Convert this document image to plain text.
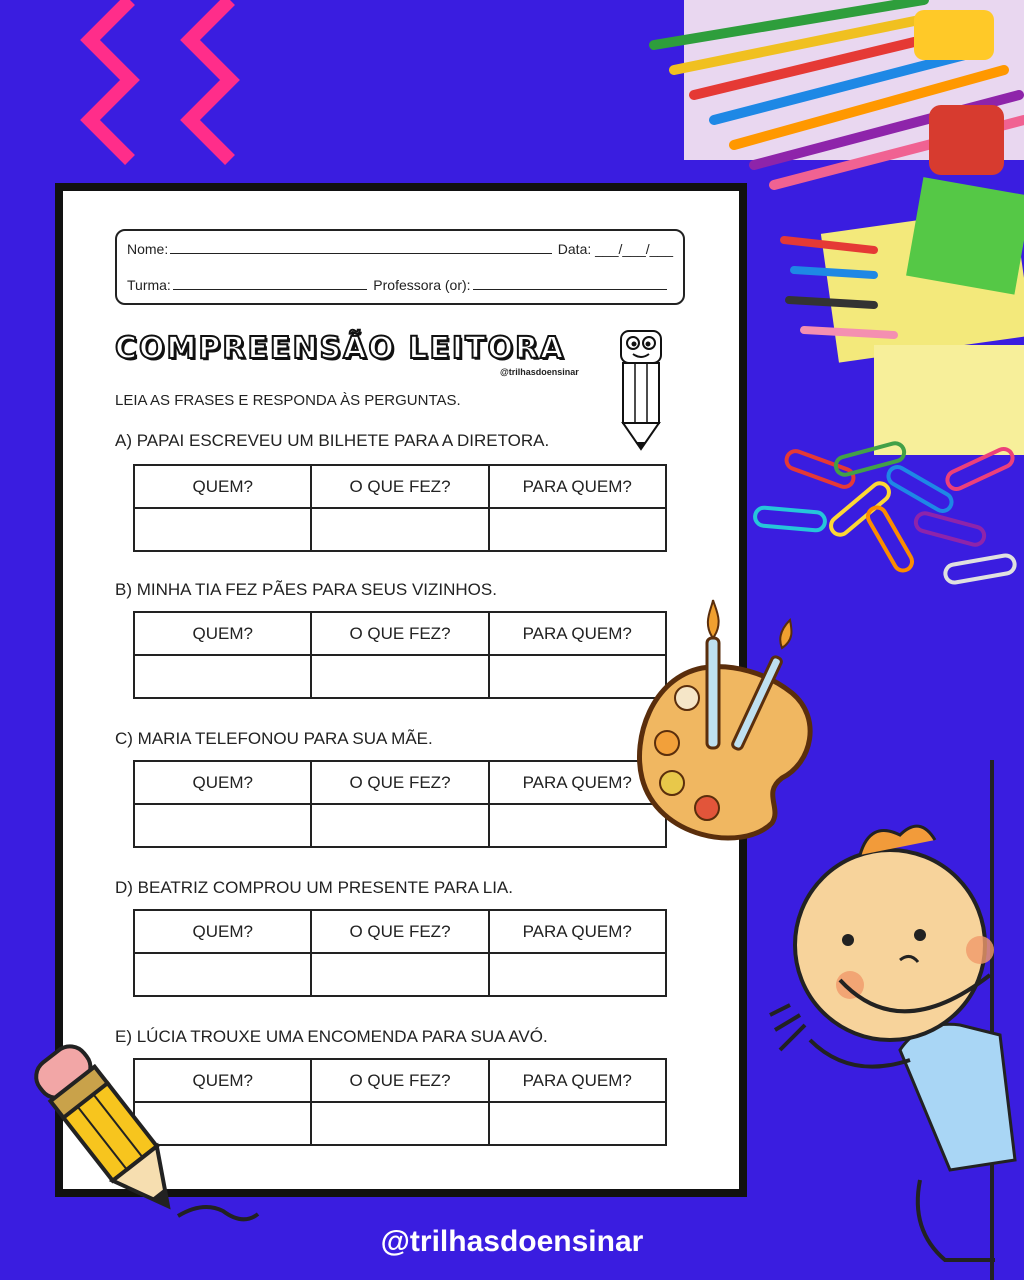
Nome:	Data: ___/___/___
Turma:	Professora (or):
COMPREENSÃO LEITORA
@trilhasdoensinar
LEIA AS FRASES E RESPONDA ÀS PERGUNTAS.
A) PAPAI ESCREVEU UM BILHETE PARA A DIRETORA.
QUEM?	O QUE FEZ?	PARA QUEM?

B) MINHA TIA FEZ PÃES PARA SEUS VIZINHOS.
QUEM?	O QUE FEZ?	PARA QUEM?

C) MARIA TELEFONOU PARA SUA MÃE.
QUEM?	O QUE FEZ?	PARA QUEM?

D) BEATRIZ COMPROU UM PRESENTE PARA LIA.
QUEM?	O QUE FEZ?	PARA QUEM?

E) LÚCIA TROUXE UMA ENCOMENDA PARA SUA AVÓ.
QUEM?	O QUE FEZ?	PARA QUEM?

@trilhasdoensinar
